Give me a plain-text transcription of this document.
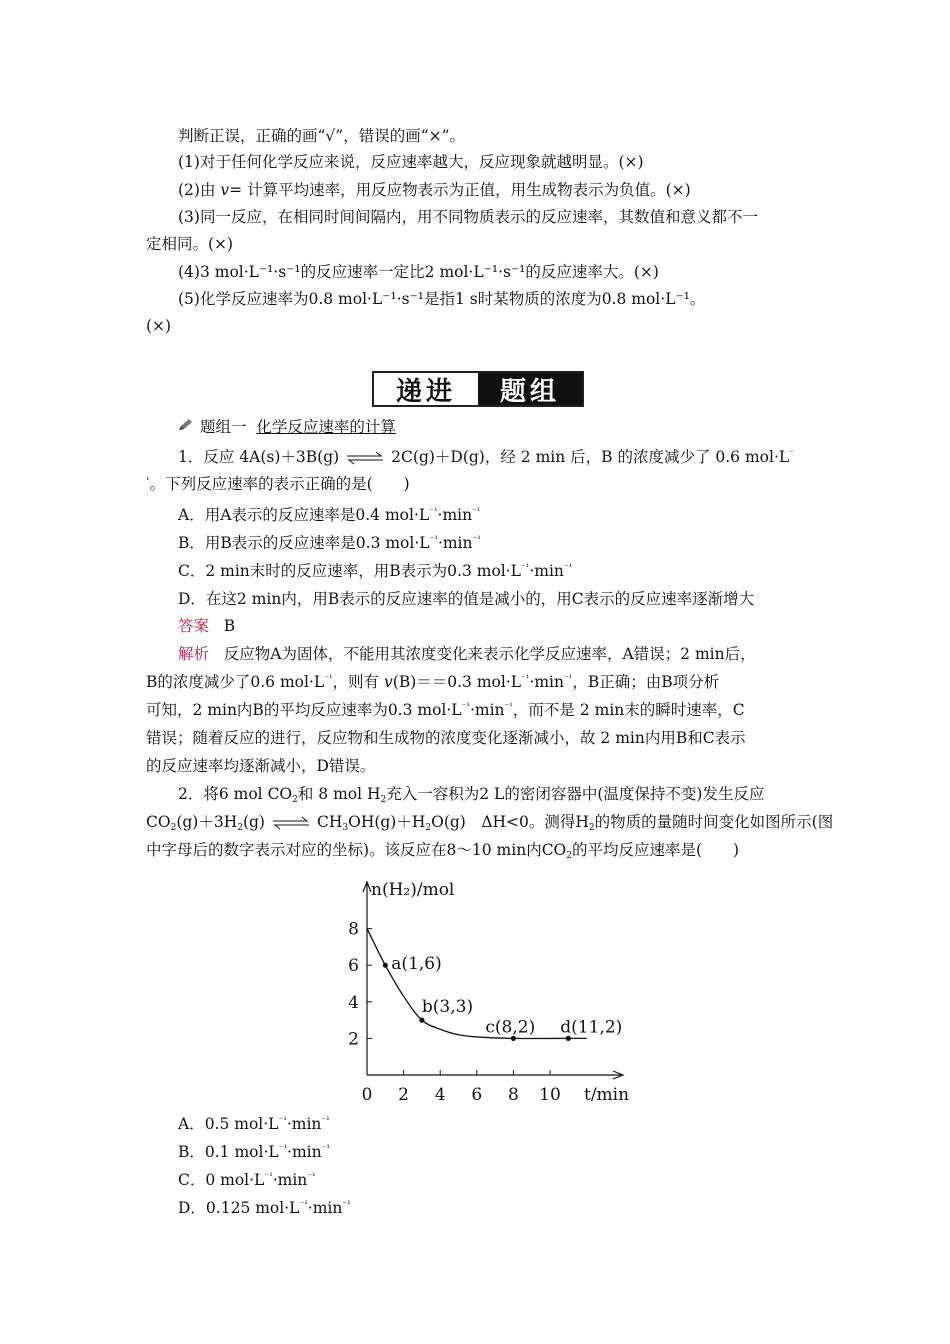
判断正误，正确的画“√”，错误的画“×”。
(1)对于任何化学反应来说，反应速率越大，反应现象就越明显。(×)
(2)由 v= 计算平均速率，用反应物表示为正值，用生成物表示为负值。(×)
(3)同一反应，在相同时间间隔内，用不同物质表示的反应速率，其数值和意义都不一
定相同。(×)
(4)3 mol·L⁻¹·s⁻¹的反应速率一定比2 mol·L⁻¹·s⁻¹的反应速率大。(×)
(5)化学反应速率为0.8 mol·L⁻¹·s⁻¹是指1 s时某物质的浓度为0.8 mol·L⁻¹。
(×)
递进	题组
题组一 化学反应速率的计算
1．反应 4A(s)＋3B(g)⇌2C(g)＋D(g)，经 2 min 后，B 的浓度减少了 0.6 mol·L⁻
$^{^1}$。下列反应速率的表示正确的是(　　)
A．用A表示的反应速率是0.4 $mol\cdot L^{^{-1}}\cdot\min^{^{-1}}$
B．用B表示的反应速率是0.3 $mol\cdot L^{^{-1}}\cdot\min^{^{-1}}$
C．2 min末时的反应速率，用B表示为0.3 $mol\cdot L^{^{-1}}\cdot\min^{^{-1}}$
D．在这2 min内，用B表示的反应速率的值是减小的，用C表示的反应速率逐渐增大
答案 B
解析 反应物A为固体，不能用其浓度变化来表示化学反应速率，A错误；2 min后，
B的浓度减少了0.6 $mol\cdot L^{^{-1}}$，则有 v(B)＝＝0.3 $mol\cdot L^{^{-1}}\cdot\min^{^{-1}}$，B正确；由B项分析
可知，2 min内B的平均反应速率为0.3 $mol\cdot L^{^{-1}}\cdot\min^{^{-1}}$，而不是 2 min末的瞬时速率，C
错误；随着反应的进行，反应物和生成物的浓度变化逐渐减小，故 2 min内用B和C表示
的反应速率均逐渐减小，D错误。
2．将6 mol $CO_2$和 8 mol $H_2$充入一容积为2 L的密闭容器中(温度保持不变)发生反应
$CO_2(g)+3H_2(g)\rightleftharpoons CH_3OH(g)+H_2O(g)$　ΔH<0。测得$H_2$的物质的量随时间变化如图所示(图
中字母后的数字表示对应的坐标)。该反应在8～10 min内$CO_2$的平均反应速率是(　　)
2
4
6
8
0 2 4 6 8 10
n(H₂)/mol
t/min
a(1,6)
b(3,3)
c(8,2) d(11,2)
A．0.5 $mol\cdot L^{^{-1}}\cdot\min^{^{-1}}$
B．0.1 $mol\cdot L^{^{-1}}\cdot\min^{^{-1}}$
C．0 $mol\cdot L^{^{-1}}\cdot\min^{^{-1}}$
D．0.125 $mol\cdot L^{^{-1}}\cdot\min^{^{-1}}$
